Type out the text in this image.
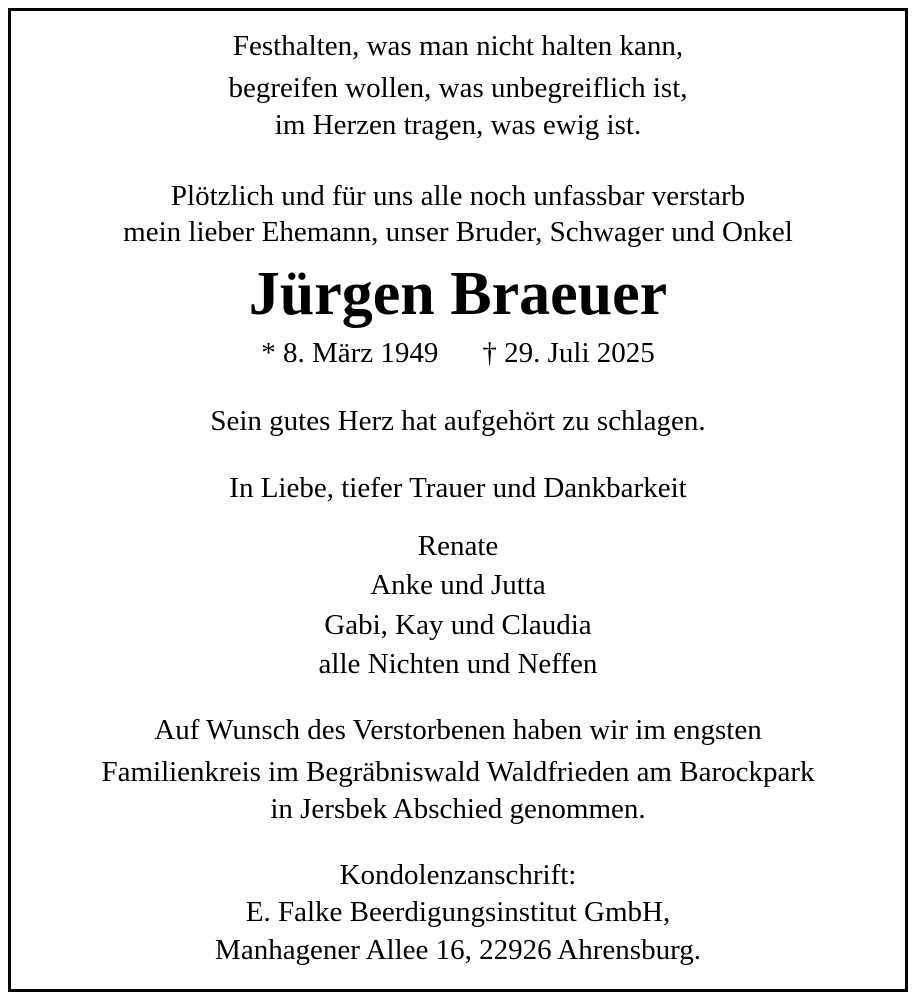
Festhalten, was man nicht halten kann,
begreifen wollen, was unbegreiflich ist,
im Herzen tragen, was ewig ist.
Plötzlich und für uns alle noch unfassbar verstarb
mein lieber Ehemann, unser Bruder, Schwager und Onkel
Jürgen Braeuer
* 8. März 1949 † 29. Juli 2025
Sein gutes Herz hat aufgehört zu schlagen.
In Liebe, tiefer Trauer und Dankbarkeit
Renate
Anke und Jutta
Gabi, Kay und Claudia
alle Nichten und Neffen
Auf Wunsch des Verstorbenen haben wir im engsten
Familienkreis im Begräbniswald Waldfrieden am Barockpark
in Jersbek Abschied genommen.
Kondolenzanschrift:
E. Falke Beerdigungsinstitut GmbH,
Manhagener Allee 16, 22926 Ahrensburg.
